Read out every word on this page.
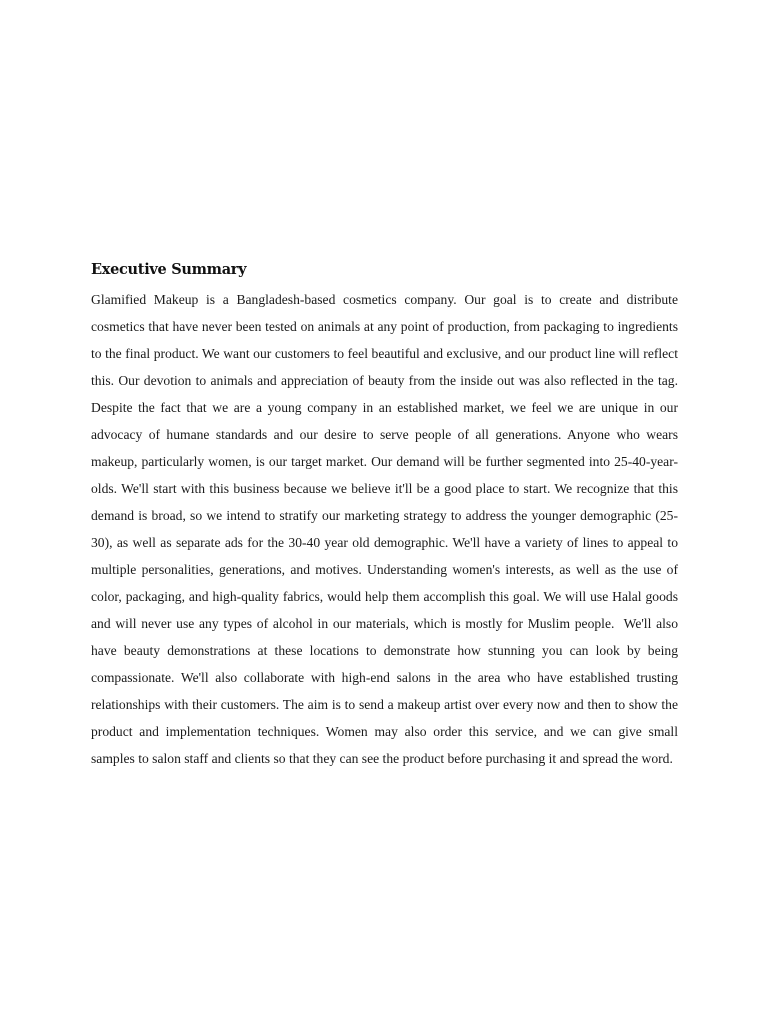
Executive Summary

Glamified Makeup is a Bangladesh-based cosmetics company. Our goal is to create and distribute cosmetics that have never been tested on animals at any point of production, from packaging to ingredients to the final product. We want our customers to feel beautiful and exclusive, and our product line will reflect this. Our devotion to animals and appreciation of beauty from the inside out was also reflected in the tag. Despite the fact that we are a young company in an established market, we feel we are unique in our advocacy of humane standards and our desire to serve people of all generations. Anyone who wears makeup, particularly women, is our target market. Our demand will be further segmented into 25-40-year-olds. We'll start with this business because we believe it'll be a good place to start. We recognize that this demand is broad, so we intend to stratify our marketing strategy to address the younger demographic (25-30), as well as separate ads for the 30-40 year old demographic. We'll have a variety of lines to appeal to multiple personalities, generations, and motives. Understanding women's interests, as well as the use of color, packaging, and high-quality fabrics, would help them accomplish this goal. We will use Halal goods and will never use any types of alcohol in our materials, which is mostly for Muslim people.  We'll also have beauty demonstrations at these locations to demonstrate how stunning you can look by being compassionate. We'll also collaborate with high-end salons in the area who have established trusting relationships with their customers. The aim is to send a makeup artist over every now and then to show the product and implementation techniques. Women may also order this service, and we can give small samples to salon staff and clients so that they can see the product before purchasing it and spread the word.
